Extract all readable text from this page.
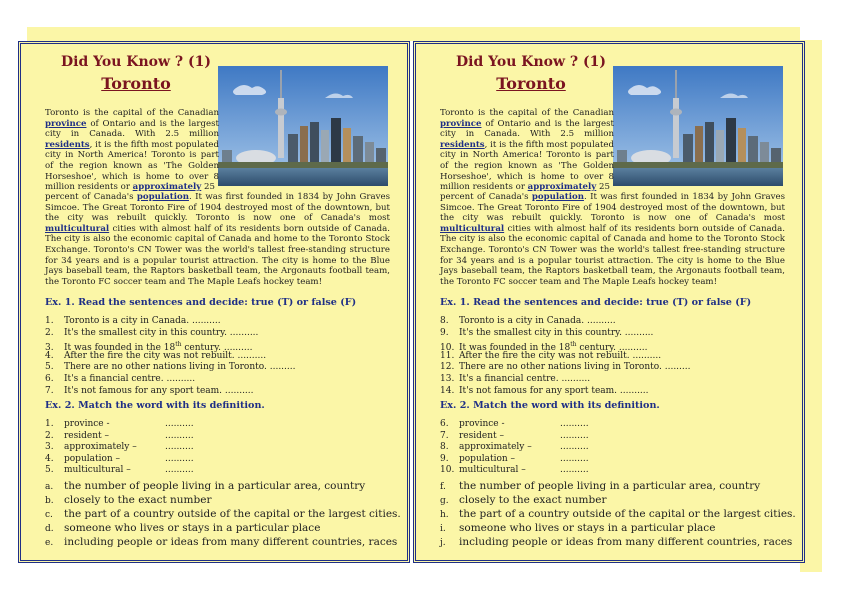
Did You Know ? (1)
Toronto
Toronto is the capital of the Canadian province of Ontario and is the largest city in Canada. With 2.5 million residents, it is the fifth most populated city in North America! Toronto is part of the region known as 'The Golden Horseshoe', which is home to over 8 million residents or approximately 25
percent of Canada's population. It was first founded in 1834 by John Graves Simcoe. The Great Toronto Fire of 1904 destroyed most of the downtown, but the city was rebuilt quickly. Toronto is now one of Canada's most multicultural cities with almost half of its residents born outside of Canada. The city is also the economic capital of Canada and home to the Toronto Stock Exchange. Toronto's CN Tower was the world's tallest free-standing structure for 34 years and is a popular tourist attraction. The city is home to the Blue Jays baseball team, the Raptors basketball team, the Argonauts football team, the Toronto FC soccer team and The Maple Leafs hockey team!
Ex. 1. Read the sentences and decide: true (T) or false (F)
1. Toronto is a city in Canada. ..........
2. It's the smallest city in this country. ..........
3. It was founded in the 18th century. ..........
4. After the fire the city was not rebuilt. ..........
5. There are no other nations living in Toronto. .........
6. It's a financial centre. ..........
7. It's not famous for any sport team. ..........
Ex. 2. Match the word with its definition.
1. province -	..........
2. resident –	..........
3. approximately –	..........
4. population –	..........
5. multicultural –	..........
a. the number of people living in a particular area, country
b. closely to the exact number
c. the part of a country outside of the capital or the largest cities.
d. someone who lives or stays in a particular place
e. including people or ideas from many different countries, races
Did You Know ? (1)
Toronto
Toronto is the capital of the Canadian province of Ontario and is the largest city in Canada. With 2.5 million residents, it is the fifth most populated city in North America! Toronto is part of the region known as 'The Golden Horseshoe', which is home to over 8 million residents or approximately 25
percent of Canada's population. It was first founded in 1834 by John Graves Simcoe. The Great Toronto Fire of 1904 destroyed most of the downtown, but the city was rebuilt quickly. Toronto is now one of Canada's most multicultural cities with almost half of its residents born outside of Canada. The city is also the economic capital of Canada and home to the Toronto Stock Exchange. Toronto's CN Tower was the world's tallest free-standing structure for 34 years and is a popular tourist attraction. The city is home to the Blue Jays baseball team, the Raptors basketball team, the Argonauts football team, the Toronto FC soccer team and The Maple Leafs hockey team!
Ex. 1. Read the sentences and decide: true (T) or false (F)
8. Toronto is a city in Canada. ..........
9. It's the smallest city in this country. ..........
10. It was founded in the 18th century. ..........
11. After the fire the city was not rebuilt. ..........
12. There are no other nations living in Toronto. .........
13. It's a financial centre. ..........
14. It's not famous for any sport team. ..........
Ex. 2. Match the word with its definition.
6. province -	..........
7. resident –	..........
8. approximately –	..........
9. population –	..........
10. multicultural –	..........
f. the number of people living in a particular area, country
g. closely to the exact number
h. the part of a country outside of the capital or the largest cities.
i. someone who lives or stays in a particular place
j. including people or ideas from many different countries, races
